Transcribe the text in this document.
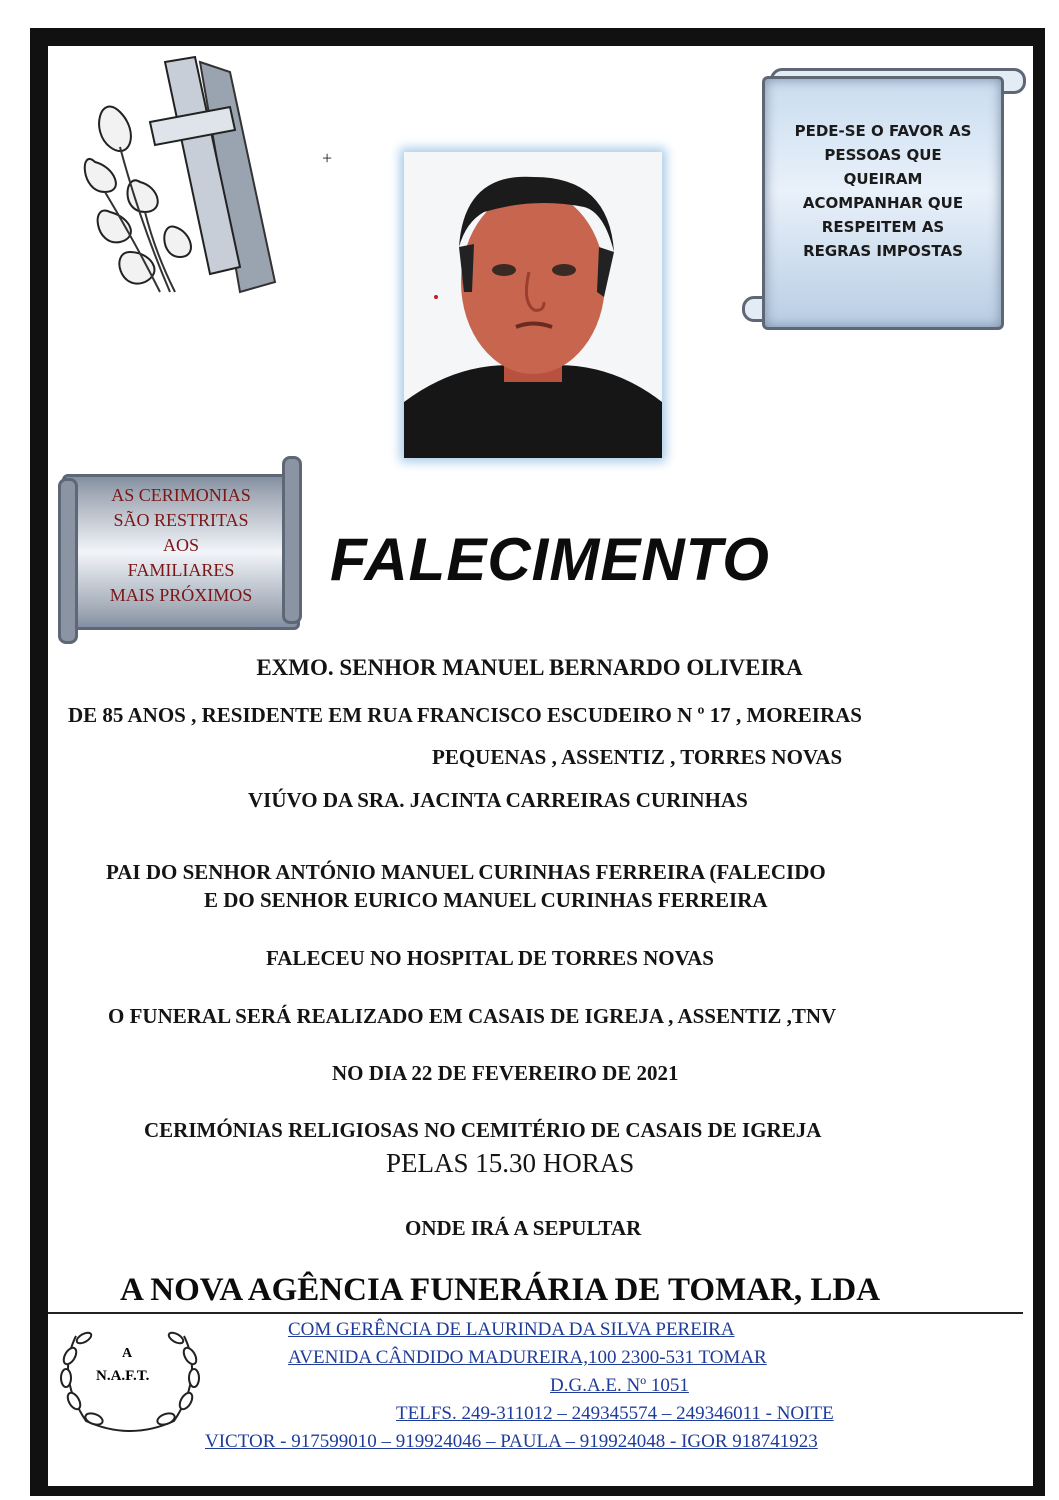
+
PEDE-SE O FAVOR AS
PESSOAS QUE
QUEIRAM
ACOMPANHAR QUE
RESPEITEM AS
REGRAS IMPOSTAS
AS CERIMONIAS
SÃO RESTRITAS
AOS
FAMILIARES
MAIS PRÓXIMOS
FALECIMENTO
EXMO. SENHOR MANUEL BERNARDO OLIVEIRA
DE 85 ANOS , RESIDENTE EM RUA FRANCISCO ESCUDEIRO N º 17 , MOREIRAS
PEQUENAS , ASSENTIZ , TORRES NOVAS
VIÚVO DA SRA. JACINTA CARREIRAS CURINHAS
PAI DO SENHOR ANTÓNIO MANUEL CURINHAS FERREIRA (FALECIDO
E DO SENHOR EURICO MANUEL CURINHAS FERREIRA
FALECEU NO HOSPITAL DE TORRES NOVAS
O FUNERAL SERÁ REALIZADO EM CASAIS DE IGREJA , ASSENTIZ ,TNV
NO DIA 22 DE FEVEREIRO DE 2021
CERIMÓNIAS RELIGIOSAS NO CEMITÉRIO DE CASAIS DE IGREJA
PELAS 15.30 HORAS
ONDE IRÁ A SEPULTAR
A NOVA AGÊNCIA FUNERÁRIA DE TOMAR, LDA
A
N.A.F.T.
COM GERÊNCIA DE LAURINDA DA SILVA PEREIRA
AVENIDA CÂNDIDO MADUREIRA,100 2300-531 TOMAR
D.G.A.E. Nº 1051
TELFS. 249-311012 – 249345574 – 249346011 - NOITE
VICTOR - 917599010 – 919924046 – PAULA – 919924048 - IGOR 918741923
